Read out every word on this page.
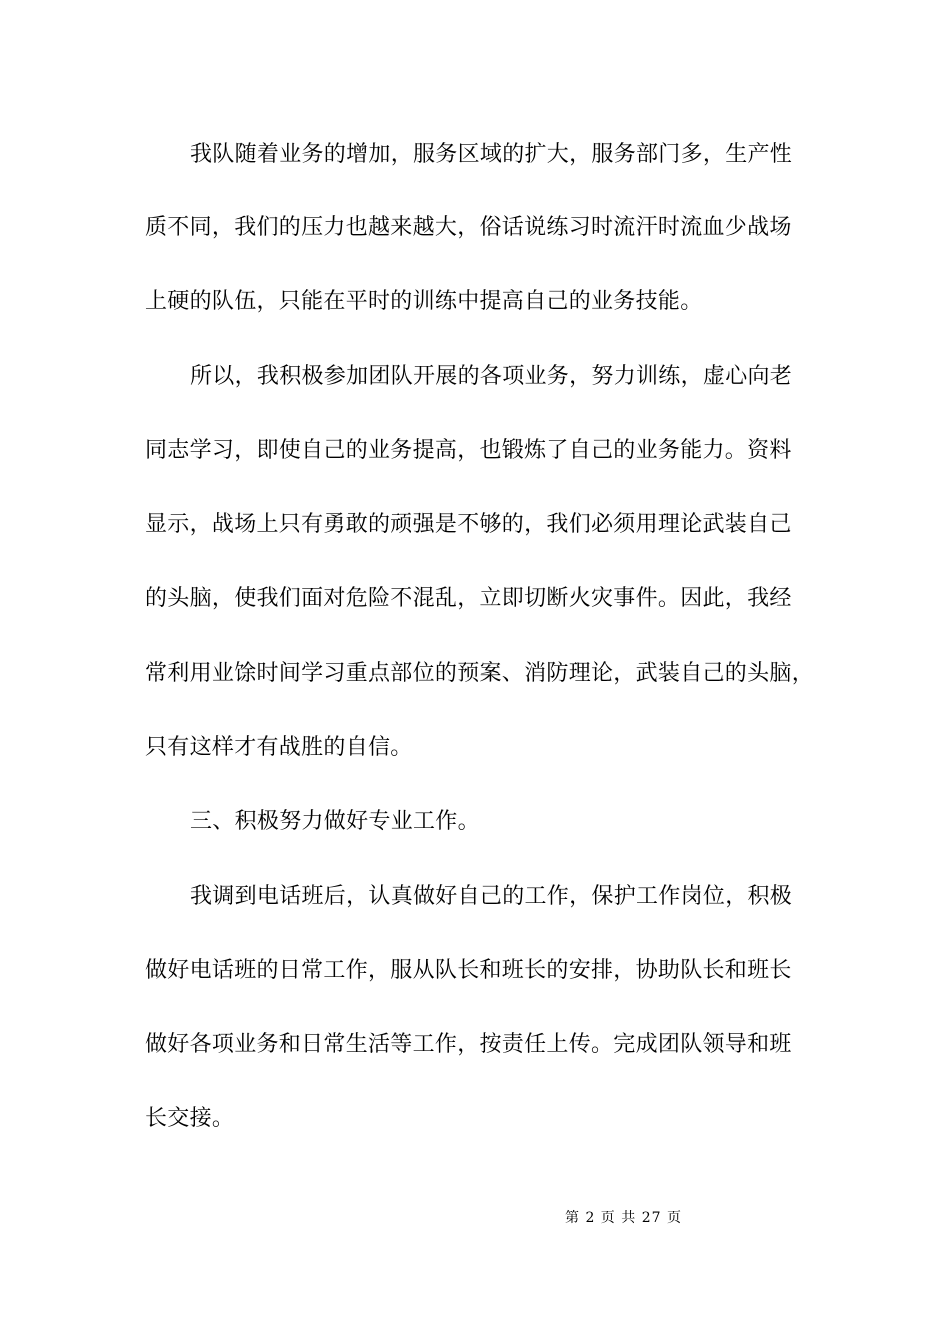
我队随着业务的增加，服务区域的扩大，服务部门多，生产性
质不同，我们的压力也越来越大，俗话说练习时流汗时流血少战场
上硬的队伍，只能在平时的训练中提高自己的业务技能。
所以，我积极参加团队开展的各项业务，努力训练，虚心向老
同志学习，即使自己的业务提高，也锻炼了自己的业务能力。资料
显示，战场上只有勇敢的顽强是不够的，我们必须用理论武装自己
的头脑，使我们面对危险不混乱，立即切断火灾事件。因此，我经
常利用业馀时间学习重点部位的预案、消防理论，武装自己的头脑，
只有这样才有战胜的自信。
三、积极努力做好专业工作。
我调到电话班后，认真做好自己的工作，保护工作岗位，积极
做好电话班的日常工作，服从队长和班长的安排，协助队长和班长
做好各项业务和日常生活等工作，按责任上传。完成团队领导和班
长交接。
第 2 页 共 27 页
